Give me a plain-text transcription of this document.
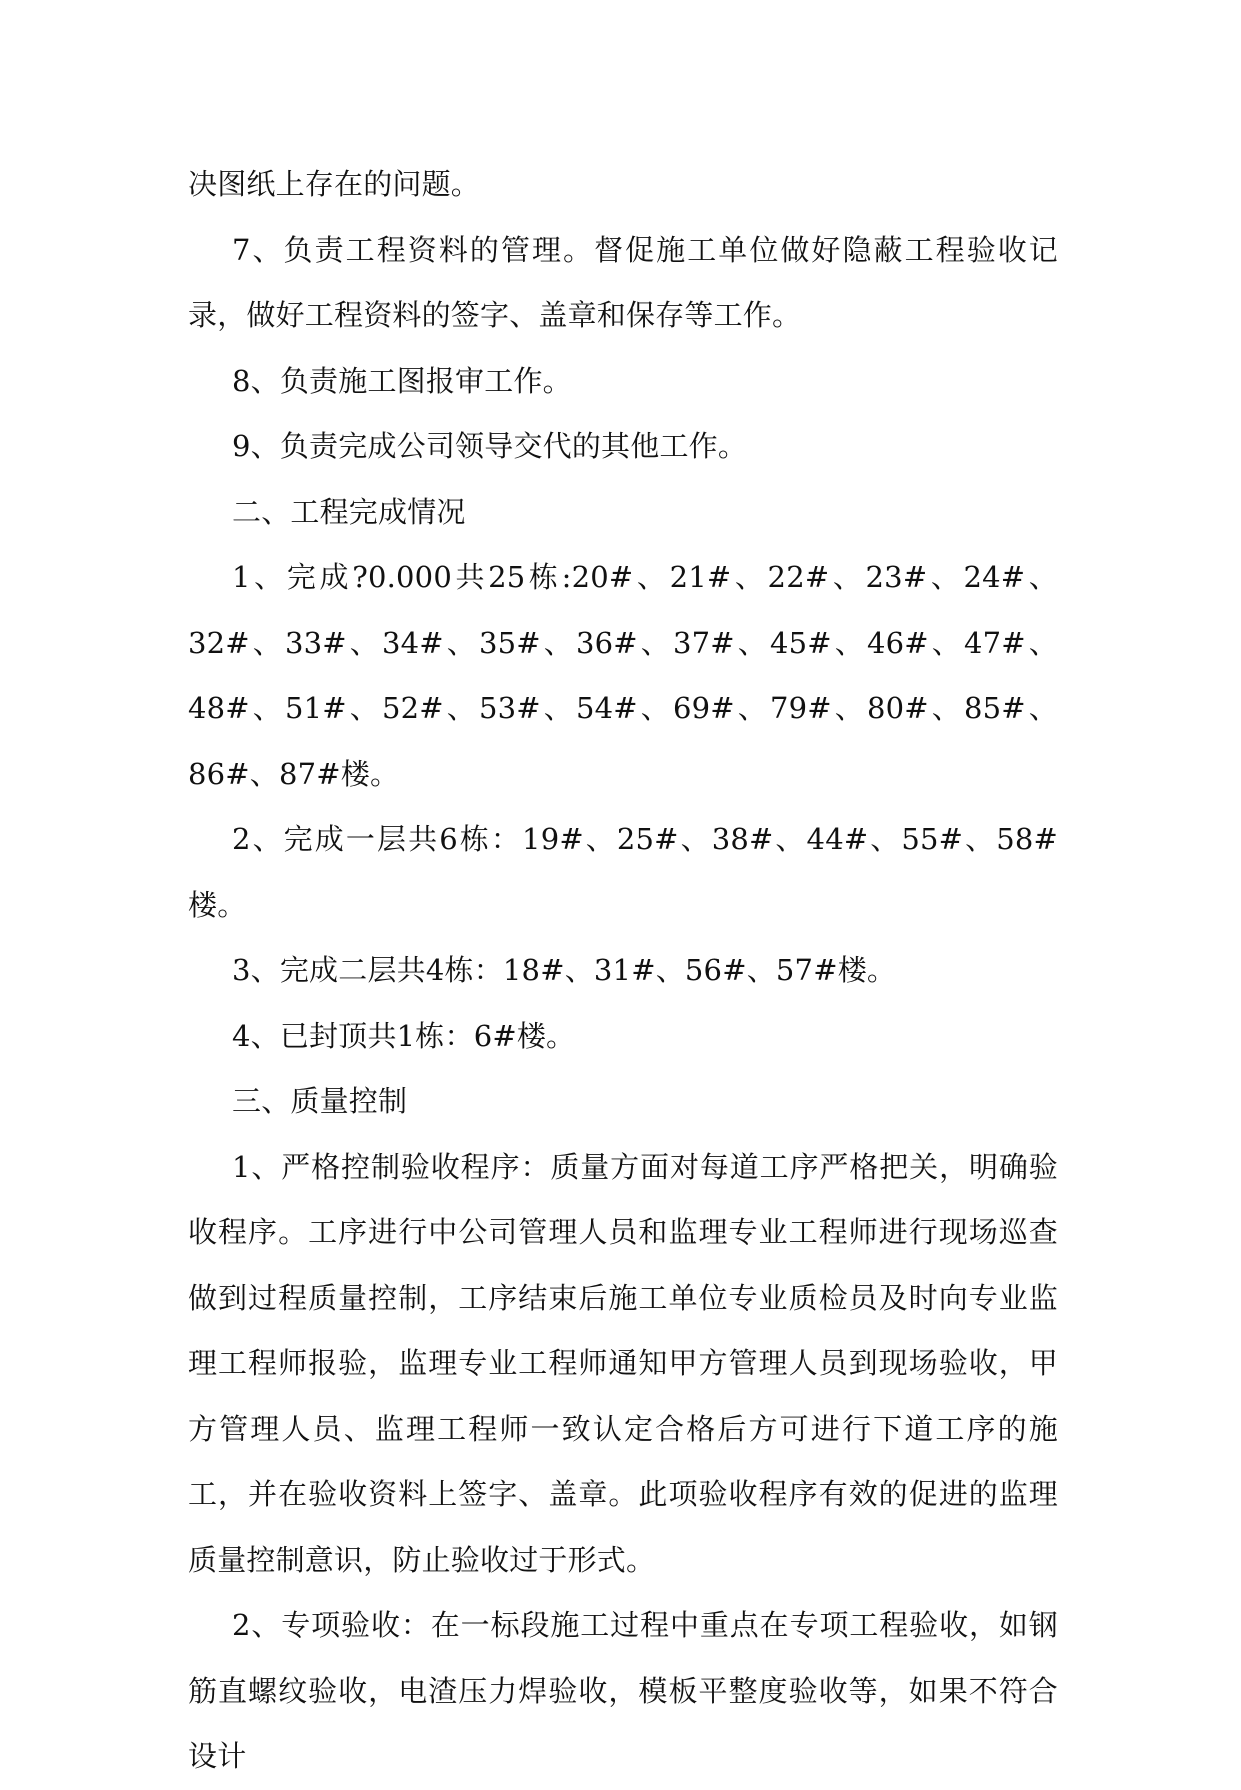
决图纸上存在的问题。

7、负责工程资料的管理。督促施工单位做好隐蔽工程验收记录，做好工程资料的签字、盖章和保存等工作。

8、负责施工图报审工作。

9、负责完成公司领导交代的其他工作。

二、工程完成情况

1、完成?0.000共25栋:20#、21#、22#、23#、24#、32#、33#、34#、35#、36#、37#、45#、46#、47#、48#、51#、52#、53#、54#、69#、79#、80#、85#、86#、87#楼。

2、完成一层共6栋：19#、25#、38#、44#、55#、58#楼。

3、完成二层共4栋：18#、31#、56#、57#楼。

4、已封顶共1栋：6#楼。

三、质量控制

1、严格控制验收程序：质量方面对每道工序严格把关，明确验收程序。工序进行中公司管理人员和监理专业工程师进行现场巡查做到过程质量控制，工序结束后施工单位专业质检员及时向专业监理工程师报验，监理专业工程师通知甲方管理人员到现场验收，甲方管理人员、监理工程师一致认定合格后方可进行下道工序的施工，并在验收资料上签字、盖章。此项验收程序有效的促进的监理质量控制意识，防止验收过于形式。

2、专项验收：在一标段施工过程中重点在专项工程验收，如钢筋直螺纹验收，电渣压力焊验收，模板平整度验收等，如果不符合设计
